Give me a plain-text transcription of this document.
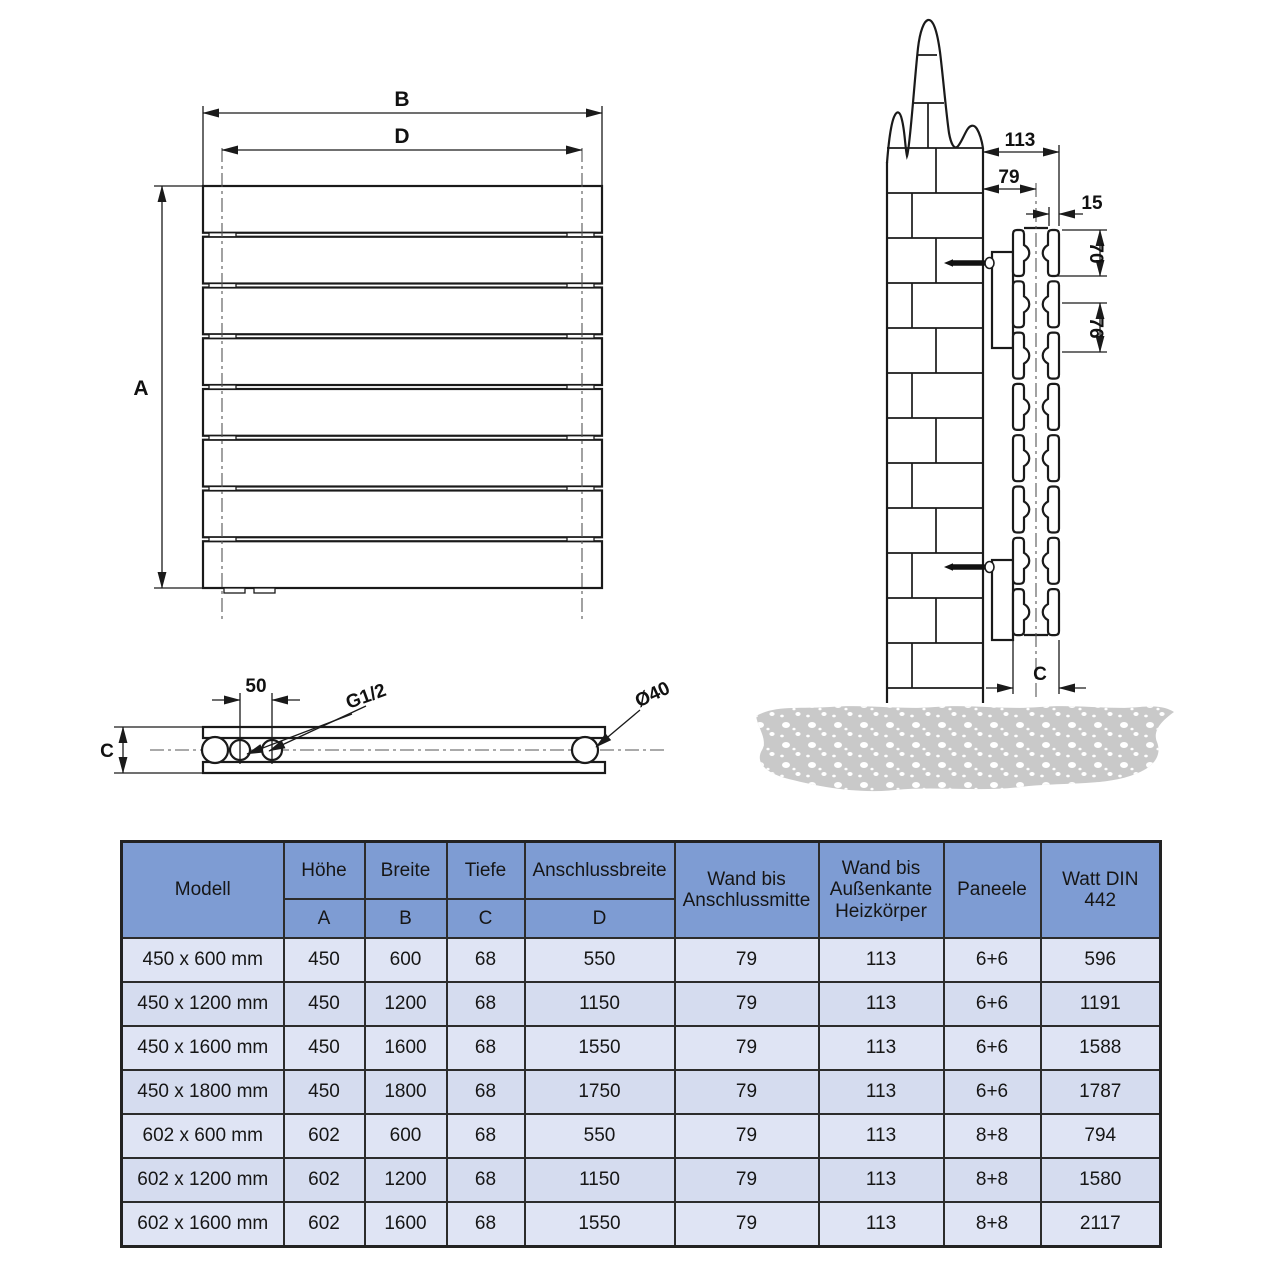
B
D
A
113
79
15
70
76
C
C
50	G1/2	Ø40
Modell	Höhe	Breite	Tiefe	Anschlussbreite	Wand bis Anschlussmitte	Wand bis Außenkante Heizkörper	Paneele	Watt DIN 442
	A	B	C	D				
450 x 600 mm	450	600	68	550	79	113	6+6	596
450 x 1200 mm	450	1200	68	1150	79	113	6+6	1191
450 x 1600 mm	450	1600	68	1550	79	113	6+6	1588
450 x 1800 mm	450	1800	68	1750	79	113	6+6	1787
602 x 600 mm	602	600	68	550	79	113	8+8	794
602 x 1200 mm	602	1200	68	1150	79	113	8+8	1580
602 x 1600 mm	602	1600	68	1550	79	113	8+8	2117
